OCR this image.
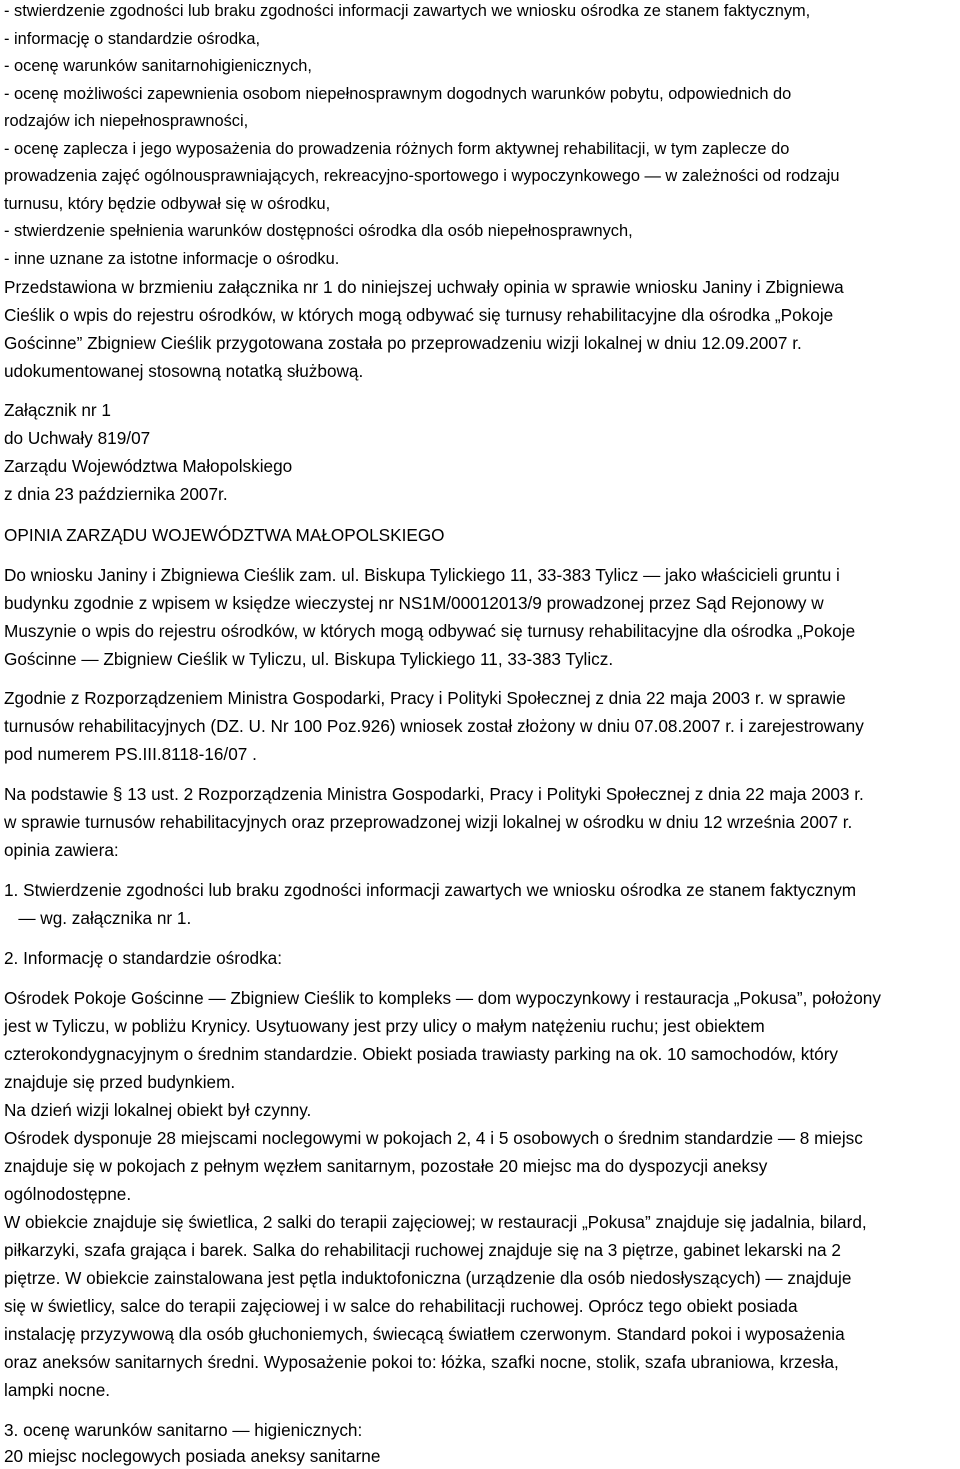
- stwierdzenie zgodności lub braku zgodności informacji zawartych we wniosku ośrodka ze stanem faktycznym,

- informację o standardzie ośrodka,

- ocenę warunków sanitarnohigienicznych,

- ocenę możliwości zapewnienia osobom niepełnosprawnym dogodnych warunków pobytu, odpowiednich do

rodzajów ich niepełnosprawności,

- ocenę zaplecza i jego wyposażenia do prowadzenia różnych form aktywnej rehabilitacji, w tym zaplecze do

prowadzenia zajęć ogólnousprawniających, rekreacyjno-sportowego i wypoczynkowego — w zależności od rodzaju

turnusu, który będzie odbywał się w ośrodku,

- stwierdzenie spełnienia warunków dostępności ośrodka dla osób niepełnosprawnych,

- inne uznane za istotne informacje o ośrodku.

Przedstawiona w brzmieniu załącznika nr 1 do niniejszej uchwały opinia w sprawie wniosku Janiny i Zbigniewa

Cieślik o wpis do rejestru ośrodków, w których mogą odbywać się turnusy rehabilitacyjne dla ośrodka „Pokoje

Gościnne” Zbigniew Cieślik przygotowana została po przeprowadzeniu wizji lokalnej w dniu 12.09.2007 r.

udokumentowanej stosowną notatką służbową.

Załącznik nr 1

do Uchwały 819/07

Zarządu Województwa Małopolskiego

z dnia 23 października 2007r.

OPINIA ZARZĄDU WOJEWÓDZTWA MAŁOPOLSKIEGO

Do wniosku Janiny i Zbigniewa Cieślik zam. ul. Biskupa Tylickiego 11, 33-383 Tylicz — jako właścicieli gruntu i

budynku zgodnie z wpisem w księdze wieczystej nr NS1M/00012013/9 prowadzonej przez Sąd Rejonowy w

Muszynie o wpis do rejestru ośrodków, w których mogą odbywać się turnusy rehabilitacyjne dla ośrodka „Pokoje

Gościnne — Zbigniew Cieślik w Tyliczu, ul. Biskupa Tylickiego 11, 33-383 Tylicz.

Zgodnie z Rozporządzeniem Ministra Gospodarki, Pracy i Polityki Społecznej z dnia 22 maja 2003 r. w sprawie

turnusów rehabilitacyjnych (DZ. U. Nr 100 Poz.926) wniosek został złożony w dniu 07.08.2007 r. i zarejestrowany

pod numerem PS.III.8118-16/07 .

Na podstawie § 13 ust. 2 Rozporządzenia Ministra Gospodarki, Pracy i Polityki Społecznej z dnia 22 maja 2003 r.

w sprawie turnusów rehabilitacyjnych oraz przeprowadzonej wizji lokalnej w ośrodku w dniu 12 września 2007 r.

opinia zawiera:

1. Stwierdzenie zgodności lub braku zgodności informacji zawartych we wniosku ośrodka ze stanem faktycznym

— wg. załącznika nr 1.

2. Informację o standardzie ośrodka:

Ośrodek Pokoje Gościnne — Zbigniew Cieślik to kompleks — dom wypoczynkowy i restauracja „Pokusa”, położony

jest w Tyliczu, w pobliżu Krynicy. Usytuowany jest przy ulicy o małym natężeniu ruchu; jest obiektem

czterokondygnacyjnym o średnim standardzie. Obiekt posiada trawiasty parking na ok. 10 samochodów, który

znajduje się przed budynkiem.

Na dzień wizji lokalnej obiekt był czynny.

Ośrodek dysponuje 28 miejscami noclegowymi w pokojach 2, 4 i 5 osobowych o średnim standardzie — 8 miejsc

znajduje się w pokojach z pełnym węzłem sanitarnym, pozostałe 20 miejsc ma do dyspozycji aneksy

ogólnodostępne.

W obiekcie znajduje się świetlica, 2 salki do terapii zajęciowej; w restauracji „Pokusa” znajduje się jadalnia, bilard,

piłkarzyki, szafa grająca i barek. Salka do rehabilitacji ruchowej znajduje się na 3 piętrze, gabinet lekarski na 2

piętrze. W obiekcie zainstalowana jest pętla induktofoniczna (urządzenie dla osób niedosłyszących) — znajduje

się w świetlicy, salce do terapii zajęciowej i w salce do rehabilitacji ruchowej. Oprócz tego obiekt posiada

instalację przyzywową dla osób głuchoniemych, świecącą światłem czerwonym. Standard pokoi i wyposażenia

oraz aneksów sanitarnych średni. Wyposażenie pokoi to: łóżka, szafki nocne, stolik, szafa ubraniowa, krzesła,

lampki nocne.

3. ocenę warunków sanitarno — higienicznych:

20 miejsc noclegowych posiada aneksy sanitarne
